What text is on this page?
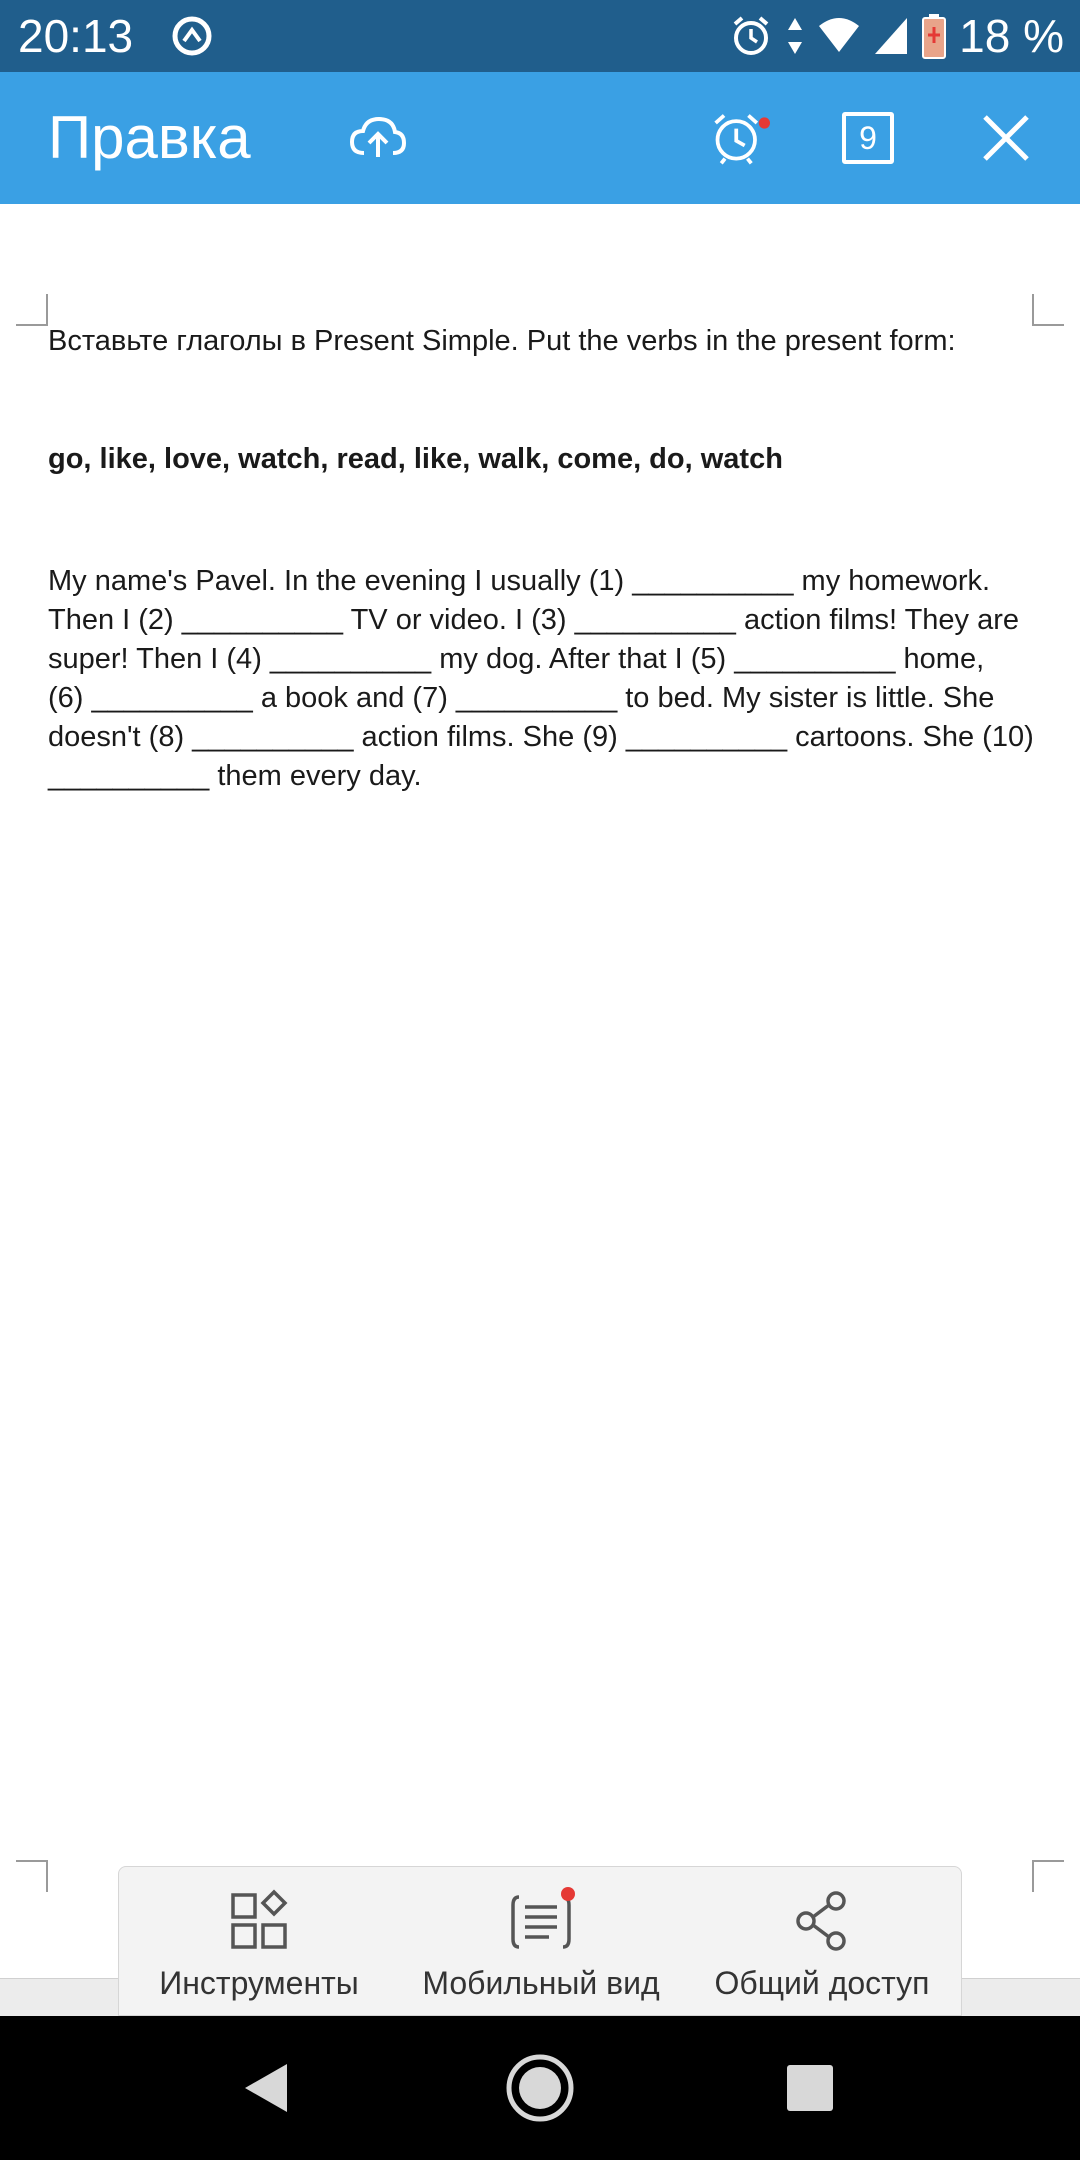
20:13	18 %
Правка	9

Вставьте глаголы в Present Simple. Put the verbs in the present form:

go, like, love, watch, read, like, walk, come, do, watch

My name's Pavel. In the evening I usually (1) __________ my homework.
Then I (2) __________ TV or video. I (3) __________ action films! They are
super! Then I (4) __________ my dog. After that I (5) __________ home,
(6) __________ a book and (7) __________ to bed. My sister is little. She
doesn't (8) __________ action films. She (9) __________ cartoons. She (10)
__________ them every day.
Инструменты Мобильный вид Общий доступ
